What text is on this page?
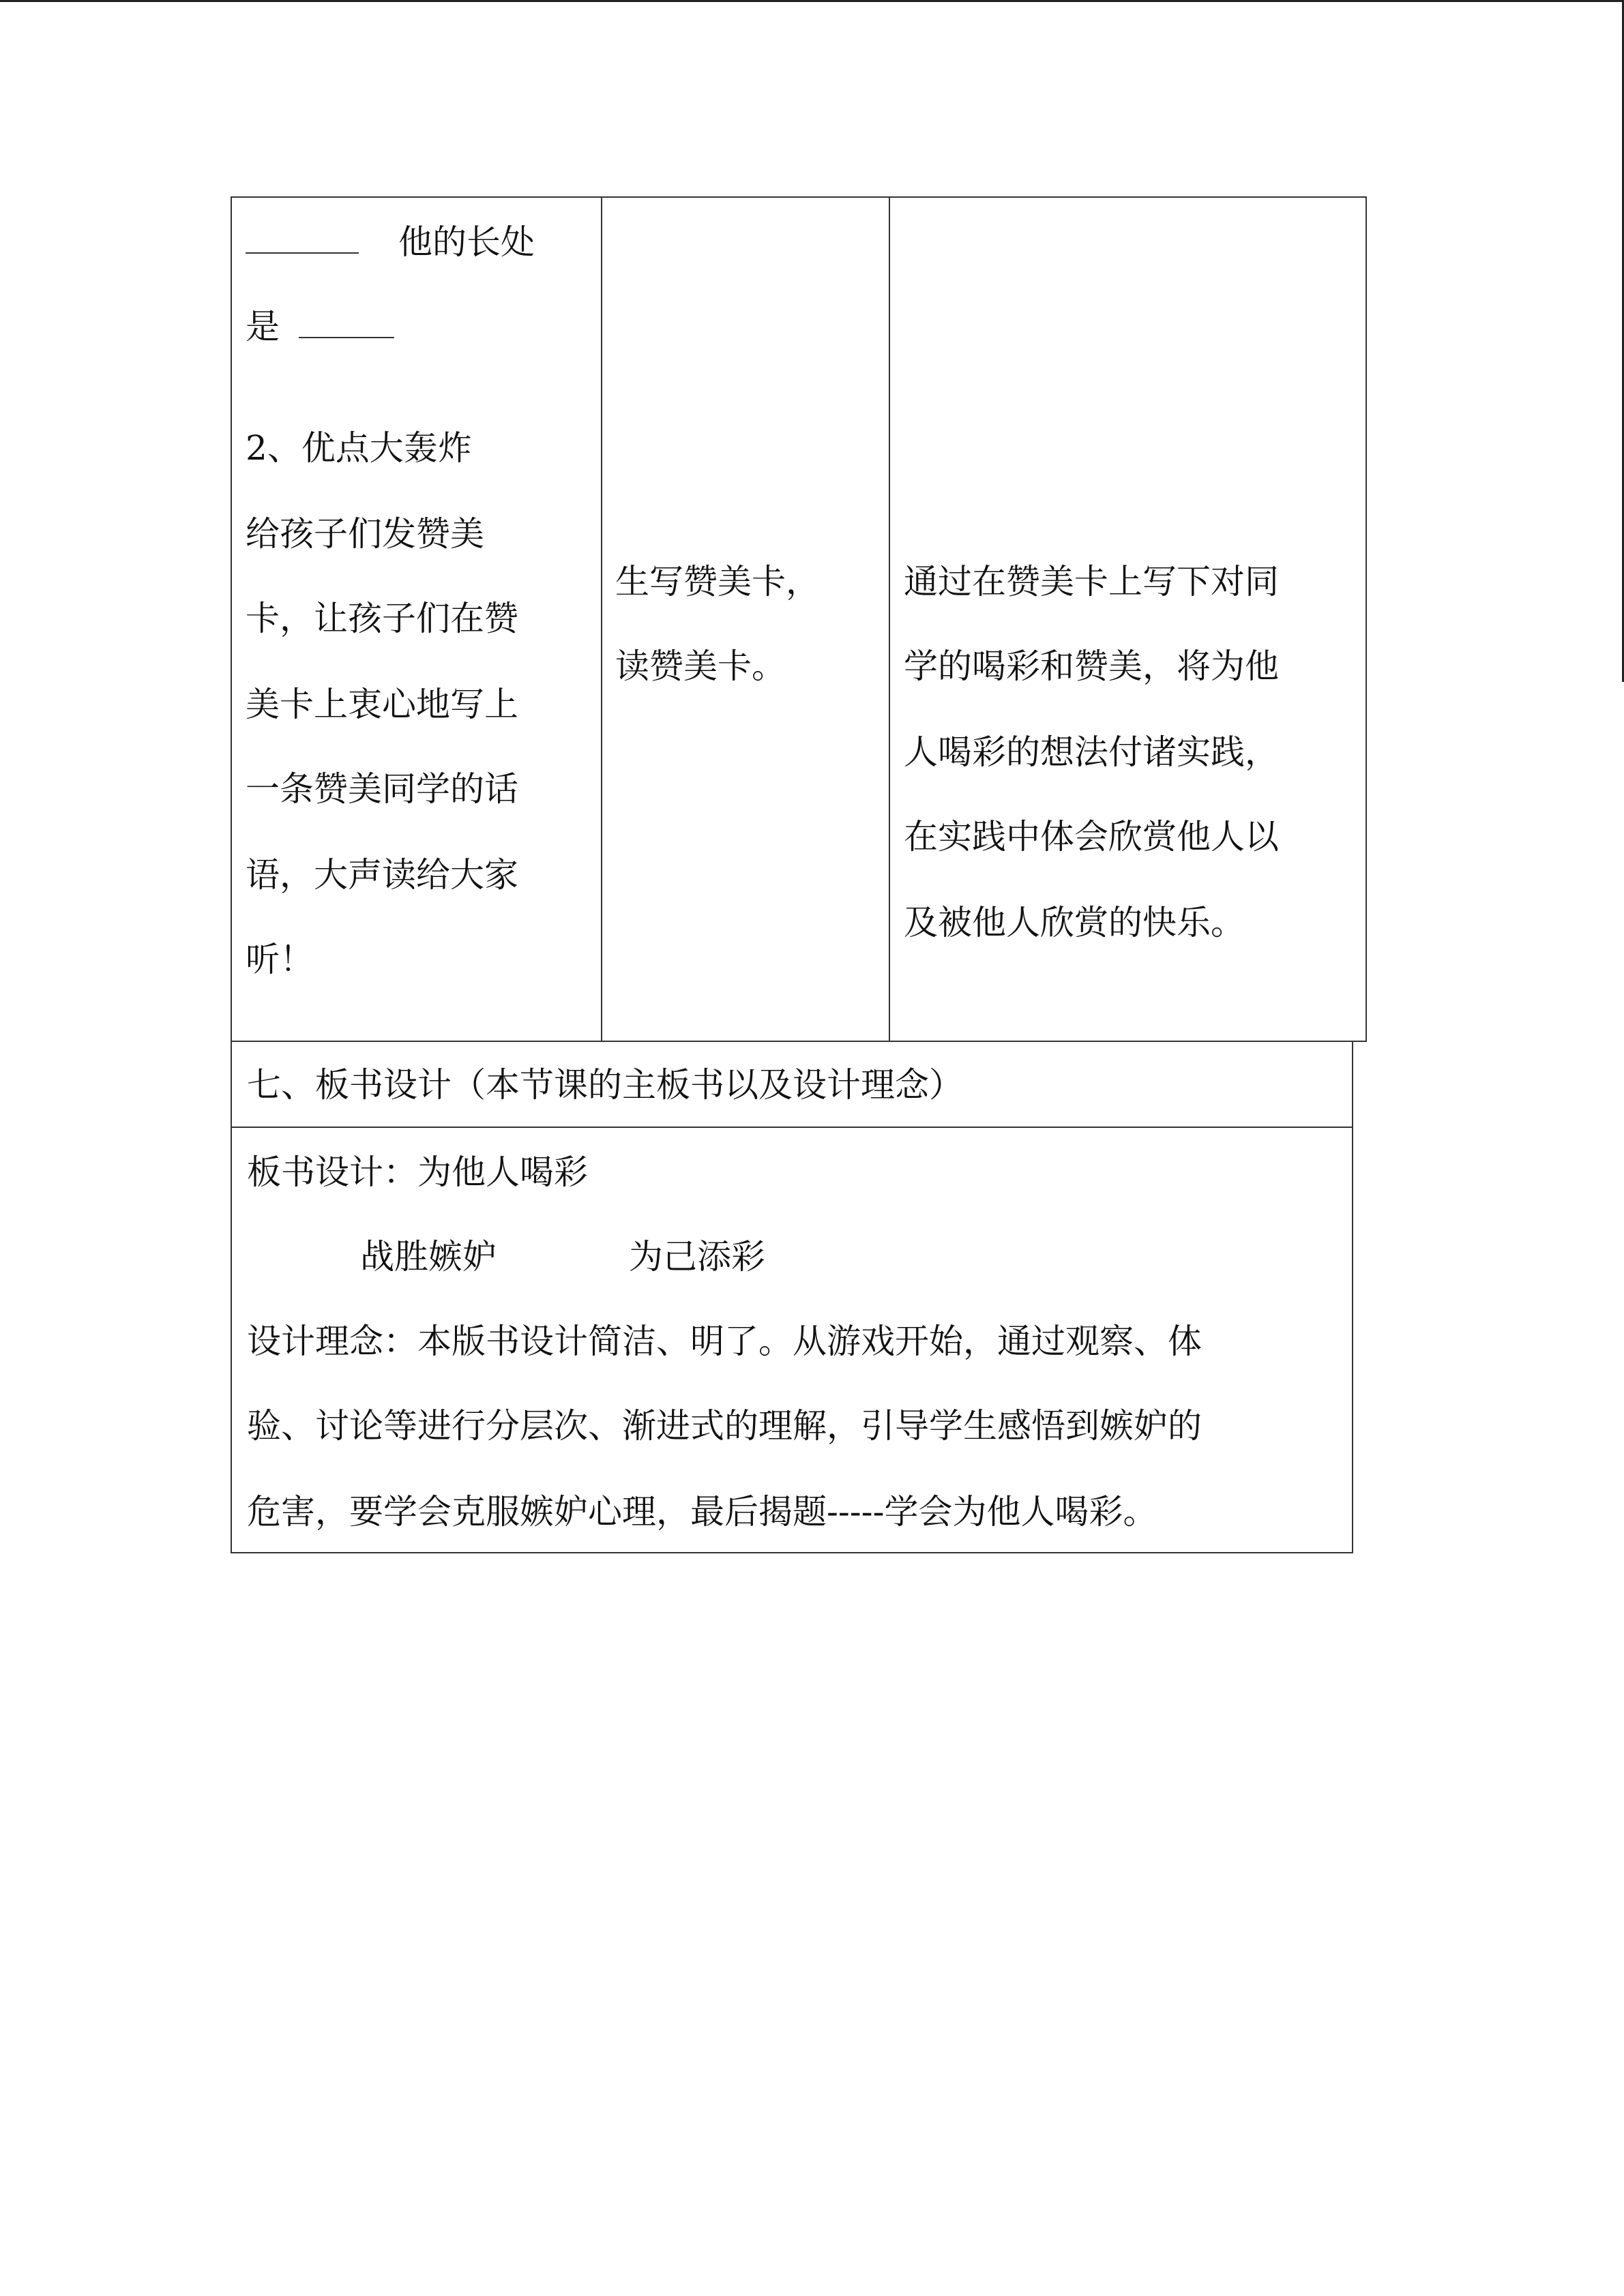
他的长处
是
2、优点大轰炸
给孩子们发赞美
卡，让孩子们在赞
美卡上衷心地写上
一条赞美同学的话
语，大声读给大家
听！
生写赞美卡，
读赞美卡。
通过在赞美卡上写下对同
学的喝彩和赞美，将为他
人喝彩的想法付诸实践，
在实践中体会欣赏他人以
及被他人欣赏的快乐。
七、板书设计（本节课的主板书以及设计理念）
板书设计：为他人喝彩
战胜嫉妒	为己添彩
设计理念：本版书设计简洁、明了。从游戏开始，通过观察、体
验、讨论等进行分层次、渐进式的理解，引导学生感悟到嫉妒的
危害，要学会克服嫉妒心理，最后揭题-----学会为他人喝彩。
